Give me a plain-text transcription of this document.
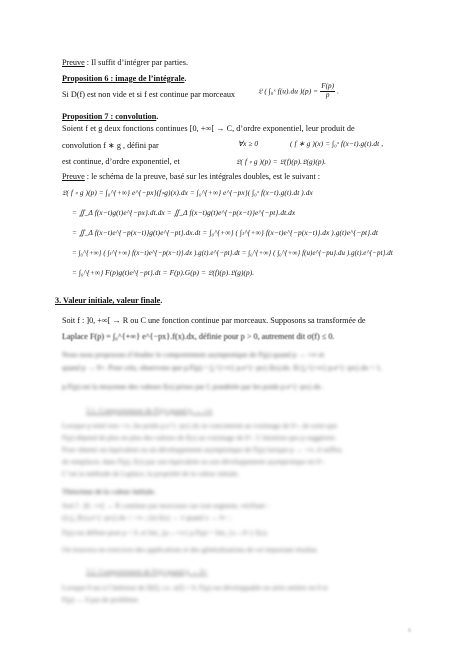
Preuve : Il suffit d’intégrer par parties.
Proposition 6 : image de l’intégrale.
Si D(f) est non vide et si f est continue par morceaux	𝔏 ( ∫₀ˣ f(u).du )$(p) = \frac{F(p)}{p}$ .
Proposition 7 : convolution.
Soient f et g deux fonctions continues [0, +∞[ → C, d’ordre exponentiel, leur produit de
convolution f ∗ g , défini par	∀x ≥ 0	( f ∗ g )(x) = ∫₀ˣ f(x−t).g(t).dt ,
est continue, d’ordre exponentiel, et	𝔏( f ∗ g )(p) = 𝔏(f)(p).𝔏(g)(p).
Preuve : le schéma de la preuve, basé sur les intégrales doubles, est le suivant :
𝔏( f ∗ g )(p) = ∫₀^{+∞} e^{−px}(f∗g)(x).dx = ∫₀^{+∞} e^{−px}( ∫₀ˣ f(x−t).g(t).dt ).dx
= ∬_Δ f(x−t)g(t)e^{−px}.dt.dx = ∬_Δ f(x−t)g(t)e^{−p(x−t)}e^{−pt}.dt.dx
= ∬_Δ f(x−t)e^{−p(x−t)}g(t)e^{−pt}.dx.dt = ∫₀^{+∞} ( ∫ₜ^{+∞} f(x−t)e^{−p(x−t)}.dx ).g(t)e^{−pt}.dt
= ∫₀^{+∞} ( ∫ₜ^{+∞} f(x−t)e^{−p(x−t)}.dx ).g(t).e^{−pt}.dt = ∫₀^{+∞} ( ∫₀^{+∞} f(u)e^{−pu}.du ).g(t).e^{−pt}.dt
= ∫₀^{+∞} F(p)g(t)e^{−pt}.dt = F(p).G(p) = 𝔏(f)(p).𝔏(g)(p).
3. Valeur initiale, valeur finale.
Soit f : ]0, +∞[ → R ou C une fonction continue par morceaux. Supposons sa transformée de
Laplace F(p) = ∫₀^{+∞} e^{−px}.f(x).dx, définie pour p > 0, autrement dit σ(f) ≤ 0.
Nous nous proposons d’étudier le comportement asymptotique de F(p) quand p → +∞ et
quand p → 0+. Pour cela, observons que p.F(p) = ∫₀^{+∞} p.e^{−px}.f(x).dx. Et ∫₀^{+∞} p.e^{−px}.dx = 1,
p.F(p) est la moyenne des valeurs f(x) prises par f, pondérée par les poids p.e^{−px}.dx .
3.1. Comportement de F(p) quand p → +∞
Lorsque p tend vers +∞, les poids p.e^{−px}.dx se concentrent au voisinage de 0+, de sorte que
F(p) dépend de plus en plus des valeurs de f(x) au voisinage de 0+. L’intuition quo p suggèrent.
Pour obtenir un équivalent ou un développement asymptotique de F(p) lorsque p → +∞, il suffira
de remplacer, dans F(p), f(x) par son équivalent ou son développement asymptotique en 0+.
C’est la méthode de Laplace, la propriété de la valeur initiale.
Théorème de la valeur initiale.
Soit f : ]0, +∞[ → R continue par morceaux sur tout segment, vérifiant :
(i) ∫₀ |f(x).e^{−px}|.dx < +∞ ; (ii) f(x) → ℓ quand x → 0+ ;
F(p) est définie pour p > 0, et lim_{p→+∞} p.F(p) = lim_{x→0+} f(x).
On trouvera en exercices des applications et des généralisations de cet important résultat.
3.2. Comportement de F(p) quand p → 0+
Lorsque 0 est à l’intérieur de D(f), i.e. σ(f) < 0, F(p) est développable en série entière en 0 et
F(p) → 0 pas de problème.
6
